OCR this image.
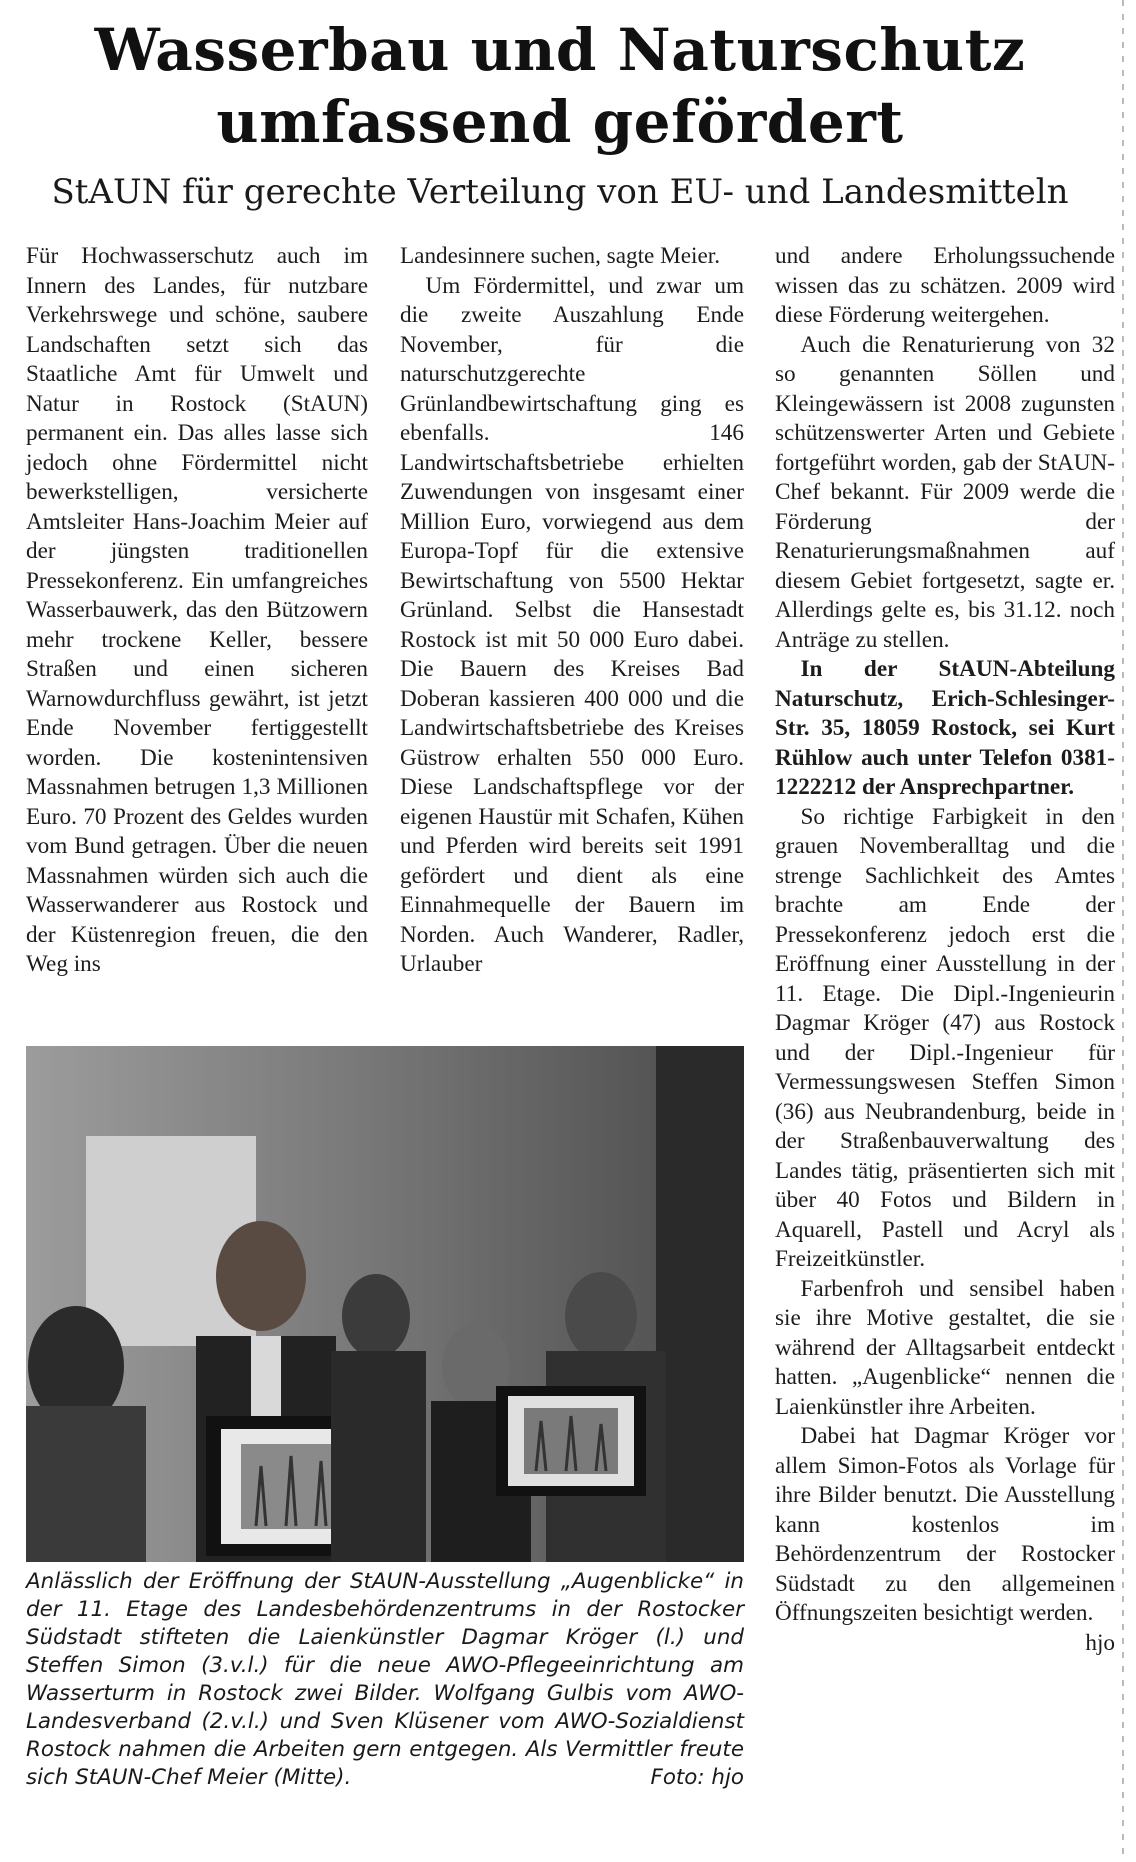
Wasserbau und Naturschutz
umfassend gefördert
StAUN für gerechte Verteilung von EU- und Landesmitteln

Für Hochwasserschutz auch im Innern des Landes, für nutzbare Verkehrswege und schöne, saubere Landschaften setzt sich das Staatliche Amt für Umwelt und Natur in Rostock (StAUN) permanent ein. Das alles lasse sich jedoch ohne Fördermittel nicht bewerkstelligen, versicherte Amtsleiter Hans-Joachim Meier auf der jüngsten traditionellen Pressekonferenz. Ein umfangreiches Wasserbauwerk, das den Bützowern mehr trockene Keller, bessere Straßen und einen sicheren Warnowdurchfluss gewährt, ist jetzt Ende November fertiggestellt worden. Die kostenintensiven Massnahmen betrugen 1,3 Millionen Euro. 70 Prozent des Geldes wurden vom Bund getragen. Über die neuen Massnahmen würden sich auch die Wasserwanderer aus Rostock und der Küstenregion freuen, die den Weg ins

Landesinnere suchen, sagte Meier.

Um Fördermittel, und zwar um die zweite Auszahlung Ende November, für die naturschutzgerechte Grünlandbewirtschaftung ging es ebenfalls. 146 Landwirtschaftsbetriebe erhielten Zuwendungen von insgesamt einer Million Euro, vorwiegend aus dem Europa-Topf für die extensive Bewirtschaftung von 5500 Hektar Grünland. Selbst die Hansestadt Rostock ist mit 50 000 Euro dabei. Die Bauern des Kreises Bad Doberan kassieren 400 000 und die Landwirtschaftsbetriebe des Kreises Güstrow erhalten 550 000 Euro. Diese Landschaftspflege vor der eigenen Haustür mit Schafen, Kühen und Pferden wird bereits seit 1991 gefördert und dient als eine Einnahmequelle der Bauern im Norden. Auch Wanderer, Radler, Urlauber

und andere Erholungssuchende wissen das zu schätzen. 2009 wird diese Förderung weitergehen.

Auch die Renaturierung von 32 so genannten Söllen und Kleingewässern ist 2008 zugunsten schützenswerter Arten und Gebiete fortgeführt worden, gab der StAUN-Chef bekannt. Für 2009 werde die Förderung der Renaturierungsmaßnahmen auf diesem Gebiet fortgesetzt, sagte er. Allerdings gelte es, bis 31.12. noch Anträge zu stellen.

In der StAUN-Abteilung Naturschutz, Erich-Schlesinger-Str. 35, 18059 Rostock, sei Kurt Rühlow auch unter Telefon 0381-1222212 der Ansprechpartner.

So richtige Farbigkeit in den grauen Novemberalltag und die strenge Sachlichkeit des Amtes brachte am Ende der Pressekonferenz jedoch erst die Eröffnung einer Ausstellung in der 11. Etage. Die Dipl.-Ingenieurin Dagmar Kröger (47) aus Rostock und der Dipl.-Ingenieur für Vermessungswesen Steffen Simon (36) aus Neubrandenburg, beide in der Straßenbauverwaltung des Landes tätig, präsentierten sich mit über 40 Fotos und Bildern in Aquarell, Pastell und Acryl als Freizeitkünstler.

Farbenfroh und sensibel haben sie ihre Motive gestaltet, die sie während der Alltagsarbeit entdeckt hatten. „Augenblicke“ nennen die Laienkünstler ihre Arbeiten.

Dabei hat Dagmar Kröger vor allem Simon-Fotos als Vorlage für ihre Bilder benutzt. Die Ausstellung kann kostenlos im Behördenzentrum der Rostocker Südstadt zu den allgemeinen Öffnungszeiten besichtigt werden.

hjo

Anlässlich der Eröffnung der StAUN-Ausstellung „Augenblicke“ in der 11. Etage des Landesbehördenzentrums in der Rostocker Südstadt stifteten die Laienkünstler Dagmar Kröger (l.) und Steffen Simon (3.v.l.) für die neue AWO-Pflegeeinrichtung am Wasserturm in Rostock zwei Bilder. Wolfgang Gulbis vom AWO-Landesverband (2.v.l.) und Sven Klüsener vom AWO-Sozialdienst Rostock nahmen die Arbeiten gern entgegen. Als Vermittler freute sich StAUN-Chef Meier (Mitte).	Foto: hjo
